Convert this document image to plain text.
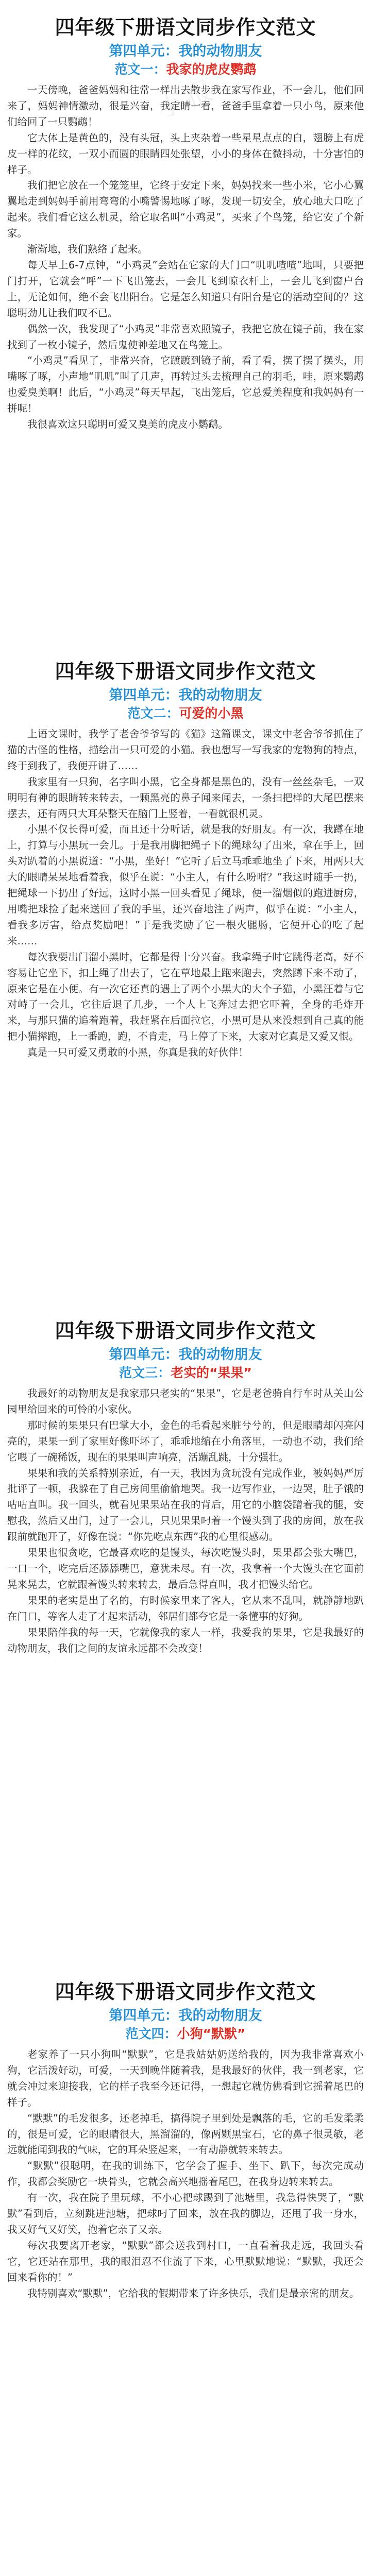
小报
四年级下册语文同步作文范文
第四单元：我的动物朋友
范文一：我家的虎皮鹦鹉

一天傍晚，爸爸妈妈和往常一样出去散步我在家写作业，不一会儿，他们回来了，妈妈神情激动，很是兴奋，我定睛一看，爸爸手里拿着一只小鸟，原来他们给回了一只鹦鹉！

它大体上是黄色的，没有头冠，头上夹杂着一些星星点点的白，翅膀上有虎皮一样的花纹，一双小而圆的眼睛四处张望，小小的身体在微抖动，十分害怕的样子。

我们把它放在一个笼笼里，它终于安定下来，妈妈找来一些小米，它小心翼翼地走到妈妈手前用弯弯的小嘴警惕地啄了啄，发现一切安全，放心地大口吃了起来。我们看它这么机灵，给它取名叫“小鸡灵”，买来了个鸟笼，给它安了个新家。

渐渐地，我们熟络了起来。

每天早上6-7点钟，“小鸡灵”会站在它家的大门口“叽叽喳喳”地叫，只要把门打开，它就会“呼”一下飞出笼去，一会儿飞到晾衣杆上，一会儿飞到窗户台上，无论如何，绝不会飞出阳台。它是怎么知道只有阳台是它的活动空间的？这聪明劲儿让我们叹不已。

偶然一次，我发现了“小鸡灵”非常喜欢照镜子，我把它放在镜子前，我在家找到了一枚小镜子，然后鬼使神差地又在鸟笼上。

“小鸡灵”看见了，非常兴奋，它踱踱到镜子前，看了看，摆了摆了摆头，用嘴啄了啄，小声地“叽叽”叫了几声，再转过头去梳理自己的羽毛，哇，原来鹦鹉也爱臭美啊！此后，“小鸡灵”每天早起，飞出笼后，它总爱美程度和我妈妈有一拼呢！

我很喜欢这只聪明可爱又臭美的虎皮小鹦鹉。

四年级下册语文同步作文范文
第四单元：我的动物朋友
范文二：可爱的小黑

上语文课时，我学了老舍爷爷写的《猫》这篇课文，课文中老舍爷爷抓住了猫的古怪的性格，描绘出一只可爱的小猫。我也想写一写我家的宠物狗的特点，终于到我了，我便开讲了……

我家里有一只狗，名字叫小黑，它全身都是黑色的，没有一丝丝杂毛，一双明明有神的眼睛转来转去，一颗黑亮的鼻子闻来闻去，一条扫把样的大尾巴摆来摆去，还有两只大耳朵整天在脑门上竖着，一看就很机灵。

小黑不仅长得可爱，而且还十分听话，就是我的好朋友。有一次，我蹲在地上，打算与小黑玩一会儿。于是我用脚把绳子下的绳球勾了出来，拿在手上，回头对趴着的小黑说道：“小黑，坐好！”它听了后立马乖乖地坐了下来，用两只大大的眼睛呆呆地看着我，似乎在说：“小主人，有什么吩咐？”我这时随手一扔，把绳球一下扔出了好远，这时小黑一回头看见了绳球，便一溜烟似的跑进厨房，用嘴把球捡了起来送回了我的手里，还兴奋地注了两声，似乎在说：“小主人，看我多厉害，给点奖励吧！”于是我奖励了它一根火腿肠，它便开心的吃了起来……

每次我要出门溜小黑时，它都是得十分兴奋。我拿绳子时它跳得老高，好不容易让它坐下，扣上绳了出去了，它在草地最上跑来跑去，突然蹲下来不动了，原来它是在小便。有一次它还真的遇上了两个小黑大的大个子猫，小黑汪着与它对峙了一会儿，它往后退了几步，一个人上飞奔过去把它吓着，全身的毛炸开来，与那只猫的追着跑着，我赶紧在后面拉它，小黑可是从来没想到自己真的能把小猫撵跑，上一番跑，跑，不肯走，马上停了下来，大家对它真是又爱又恨。

真是一只可爱又勇敢的小黑，你真是我的好伙伴！

四年级下册语文同步作文范文
第四单元：我的动物朋友
范文三：老实的“果果”

我最好的动物朋友是我家那只老实的“果果”，它是老爸骑自行车时从关山公园里给回来的可怜的小家伙。

那时候的果果只有巴掌大小，金色的毛看起来脏兮兮的，但是眼睛却闪亮闪亮的，果果一到了家里好像吓坏了，乖乖地缩在小角落里，一动也不动，我们给它喂了一碗稀饭，现在的果果叫声响亮，活蹦乱跳，十分强壮。

果果和我的关系特别亲近，有一天，我因为贪玩没有完成作业，被妈妈严厉批评了一顿，我躲在了自己房间里偷偷地哭。我一边写作业，一边哭，肚子饿的咕咕直叫。我一回头，就看见果果站在我的背后，用它的小脑袋蹭着我的腿，安慰我，然后又出门，过了一会儿，只见果果叼着一个馒头到了我的房间，放在我跟前就跑开了，好像在说：“你先吃点东西”我的心里很感动。

果果也很贪吃，它最喜欢吃的是馒头，每次吃馒头时，果果都会张大嘴巴，一口一个，吃完后还舔舔嘴巴，意犹未尽。有一次，我拿着一个大馒头在它面前晃来晃去，它就跟着馒头转来转去，最后急得直叫，我才把馒头给它。

果果的老实是出了名的，有时候家里来了客人，它从来不乱叫，就静静地趴在门口，等客人走了才起来活动，邻居们都夸它是一条懂事的好狗。

果果陪伴我的每一天，它就像我的家人一样，我爱我的果果，它是我最好的动物朋友，我们之间的友谊永远都不会改变！

四年级下册语文同步作文范文
第四单元：我的动物朋友
范文四：小狗“默默”

老家养了一只小狗叫“默默”，它是我姑姑奶送给我的，因为我非常喜欢小狗，它活泼好动，可爱，一天到晚伴随着我，是我最好的伙伴，我一到老家，它就会冲过来迎接我，它的样子我至今还记得，一想起它就仿佛看到它摇着尾巴的样子。

“默默”的毛发很多，还老掉毛，搞得院子里到处是飘落的毛，它的毛发柔柔的，很是可爱，它的眼睛很大，黑溜溜的，像两颗黑宝石，它的鼻子很灵敏，老远就能闻到我的气味，它的耳朵竖起来，一有动静就转来转去。

“默默”很聪明，在我的训练下，它学会了握手、坐下、趴下，每次完成动作，我都会奖励它一块骨头，它就会高兴地摇着尾巴，在我身边转来转去。

有一次，我在院子里玩球，不小心把球踢到了池塘里，我急得快哭了，“默默”看到后，立刻跳进池塘，把球叼了回来，放在我的脚边，还甩了我一身水，我又好气又好笑，抱着它亲了又亲。

每次我要离开老家，“默默”都会送我到村口，一直看着我走远，我回头看它，它还站在那里，我的眼泪忍不住流了下来，心里默默地说：“默默，我还会回来看你的！”

我特别喜欢“默默”，它给我的假期带来了许多快乐，我们是最亲密的朋友。
